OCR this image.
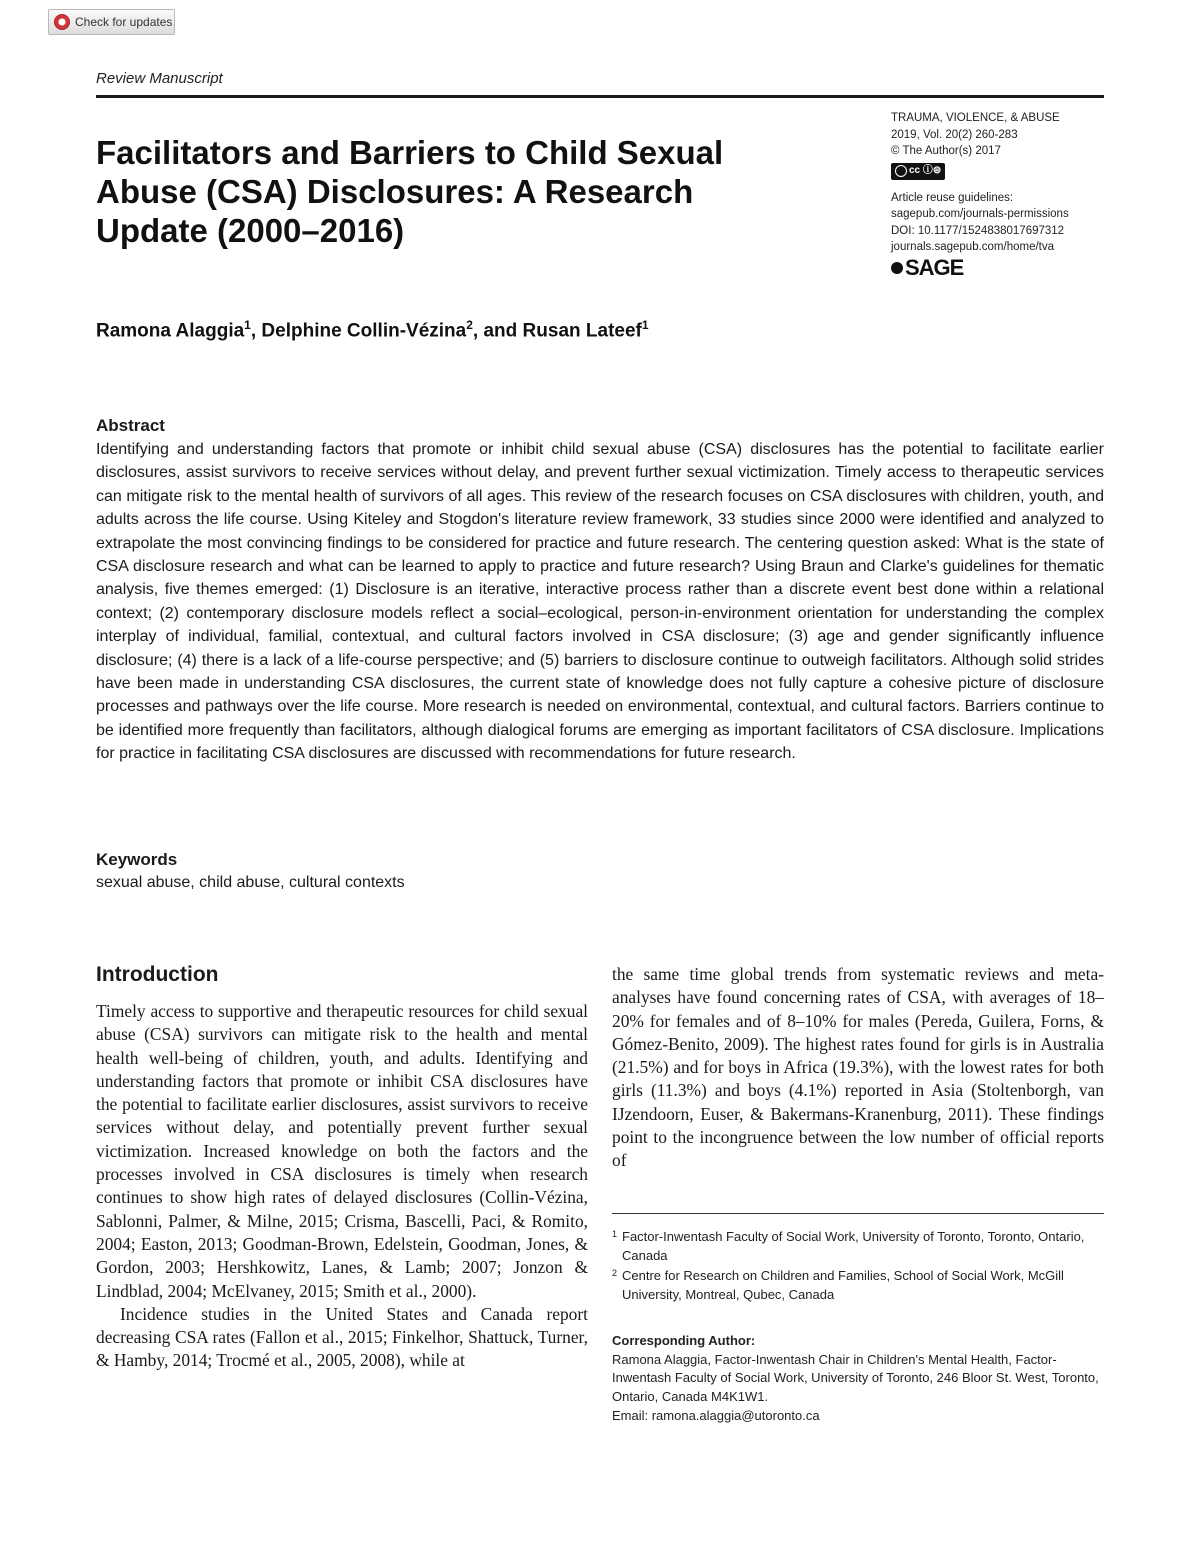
Check for updates
Review Manuscript
Facilitators and Barriers to Child Sexual
Abuse (CSA) Disclosures: A Research
Update (2000–2016)
Ramona Alaggia$^1$, Delphine Collin-Vézina$^2$, and Rusan Lateef$^1$
TRAUMA, VIOLENCE, & ABUSE
2019, Vol. 20(2) 260-283
© The Author(s) 2017
cc ⓘ⊜
Article reuse guidelines:
sagepub.com/journals-permissions
DOI: 10.1177/1524838017697312
journals.sagepub.com/home/tva
SAGE
Abstract

Identifying and understanding factors that promote or inhibit child sexual abuse (CSA) disclosures has the potential to facilitate earlier disclosures, assist survivors to receive services without delay, and prevent further sexual victimization. Timely access to therapeutic services can mitigate risk to the mental health of survivors of all ages. This review of the research focuses on CSA disclosures with children, youth, and adults across the life course. Using Kiteley and Stogdon's literature review framework, 33 studies since 2000 were identified and analyzed to extrapolate the most convincing findings to be considered for practice and future research. The centering question asked: What is the state of CSA disclosure research and what can be learned to apply to practice and future research? Using Braun and Clarke's guidelines for thematic analysis, five themes emerged: (1) Disclosure is an iterative, interactive process rather than a discrete event best done within a relational context; (2) contemporary disclosure models reflect a social–ecological, person-in-environment orientation for understanding the complex interplay of individual, familial, contextual, and cultural factors involved in CSA disclosure; (3) age and gender significantly influence disclosure; (4) there is a lack of a life-course perspective; and (5) barriers to disclosure continue to outweigh facilitators. Although solid strides have been made in understanding CSA disclosures, the current state of knowledge does not fully capture a cohesive picture of disclosure processes and pathways over the life course. More research is needed on environmental, contextual, and cultural factors. Barriers continue to be identified more frequently than facilitators, although dialogical forums are emerging as important facilitators of CSA disclosure. Implications for practice in facilitating CSA disclosures are discussed with recommendations for future research.

Keywords
sexual abuse, child abuse, cultural contexts
Introduction

Timely access to supportive and therapeutic resources for child sexual abuse (CSA) survivors can mitigate risk to the health and mental health well-being of children, youth, and adults. Identifying and understanding factors that promote or inhibit CSA disclosures have the potential to facilitate earlier disclosures, assist survivors to receive services without delay, and potentially prevent further sexual victimization. Increased knowledge on both the factors and the processes involved in CSA disclosures is timely when research continues to show high rates of delayed disclosures (Collin-Vézina, Sablonni, Palmer, & Milne, 2015; Crisma, Bascelli, Paci, & Romito, 2004; Easton, 2013; Goodman-Brown, Edelstein, Goodman, Jones, & Gordon, 2003; Hershkowitz, Lanes, & Lamb; 2007; Jonzon & Lindblad, 2004; McElvaney, 2015; Smith et al., 2000).

Incidence studies in the United States and Canada report decreasing CSA rates (Fallon et al., 2015; Finkelhor, Shattuck, Turner, & Hamby, 2014; Trocmé et al., 2005, 2008), while at

the same time global trends from systematic reviews and meta-analyses have found concerning rates of CSA, with averages of 18–20% for females and of 8–10% for males (Pereda, Guilera, Forns, & Gómez-Benito, 2009). The highest rates found for girls is in Australia (21.5%) and for boys in Africa (19.3%), with the lowest rates for both girls (11.3%) and boys (4.1%) reported in Asia (Stoltenborgh, van IJzendoorn, Euser, & Bakermans-Kranenburg, 2011). These findings point to the incongruence between the low number of official reports of

1 Factor-Inwentash Faculty of Social Work, University of Toronto, Toronto, Ontario, Canada
2 Centre for Research on Children and Families, School of Social Work, McGill University, Montreal, Qubec, Canada
Corresponding Author:
Ramona Alaggia, Factor-Inwentash Chair in Children's Mental Health, Factor-Inwentash Faculty of Social Work, University of Toronto, 246 Bloor St. West, Toronto, Ontario, Canada M4K1W1.
Email: ramona.alaggia@utoronto.ca
